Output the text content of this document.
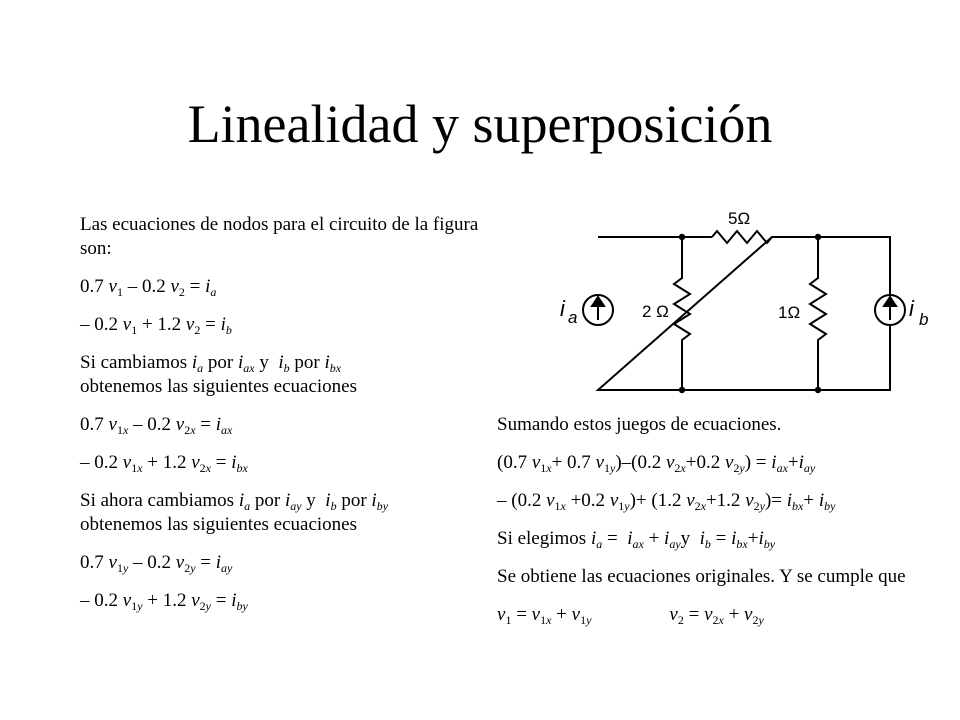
Linealidad y superposición
Las ecuaciones de nodos para el circuito de la figura son:
0.7 $v_1 - 0.2$ $v_2 = i_a$
– 0.2 $v_1 + 1.2$ $v_2 = i_b$
Si cambiamos $i_a$ por $i_{ax}$ y  $i_b$ por $i_{bx}$
obtenemos las siguientes ecuaciones
0.7 $v_{1x} - 0.2$ $v_{2x} = i_{ax}$
– 0.2 $v_{1x} + 1.2$ $v_{2x} = i_{bx}$
Si ahora cambiamos $i_a$ por $i_{ay}$ y  $i_b$ por $i_{by}$
obtenemos las siguientes ecuaciones
0.7 $v_{1y} - 0.2$ $v_{2y} = i_{ay}$
– 0.2 $v_{1y} + 1.2$ $v_{2y} = i_{by}$
5Ω
2 Ω	1Ω
i a	i b
Sumando estos juegos de ecuaciones.
(0.7 $v_{1x}+ 0.7$ $v_{1y})-(0.2$ $v_{2x}+0.2$ $v_{2y}) = i_{ax}+i_{ay}$
– (0.2 $v_{1x} +0.2$ $v_{1y})+ (1.2$ $v_{2x}+1.2$ $v_{2y})= i_{bx}+ i_{by}$
Si elegimos $i_a = i_{ax} + i_{ay}y$  $i_b = i_{bx}+i_{by}$
Se obtiene las ecuaciones originales. Y se cumple que
$v_1 = v_{1x} + v_{1y}$	$v_2 = v_{2x} + v_{2y}$
